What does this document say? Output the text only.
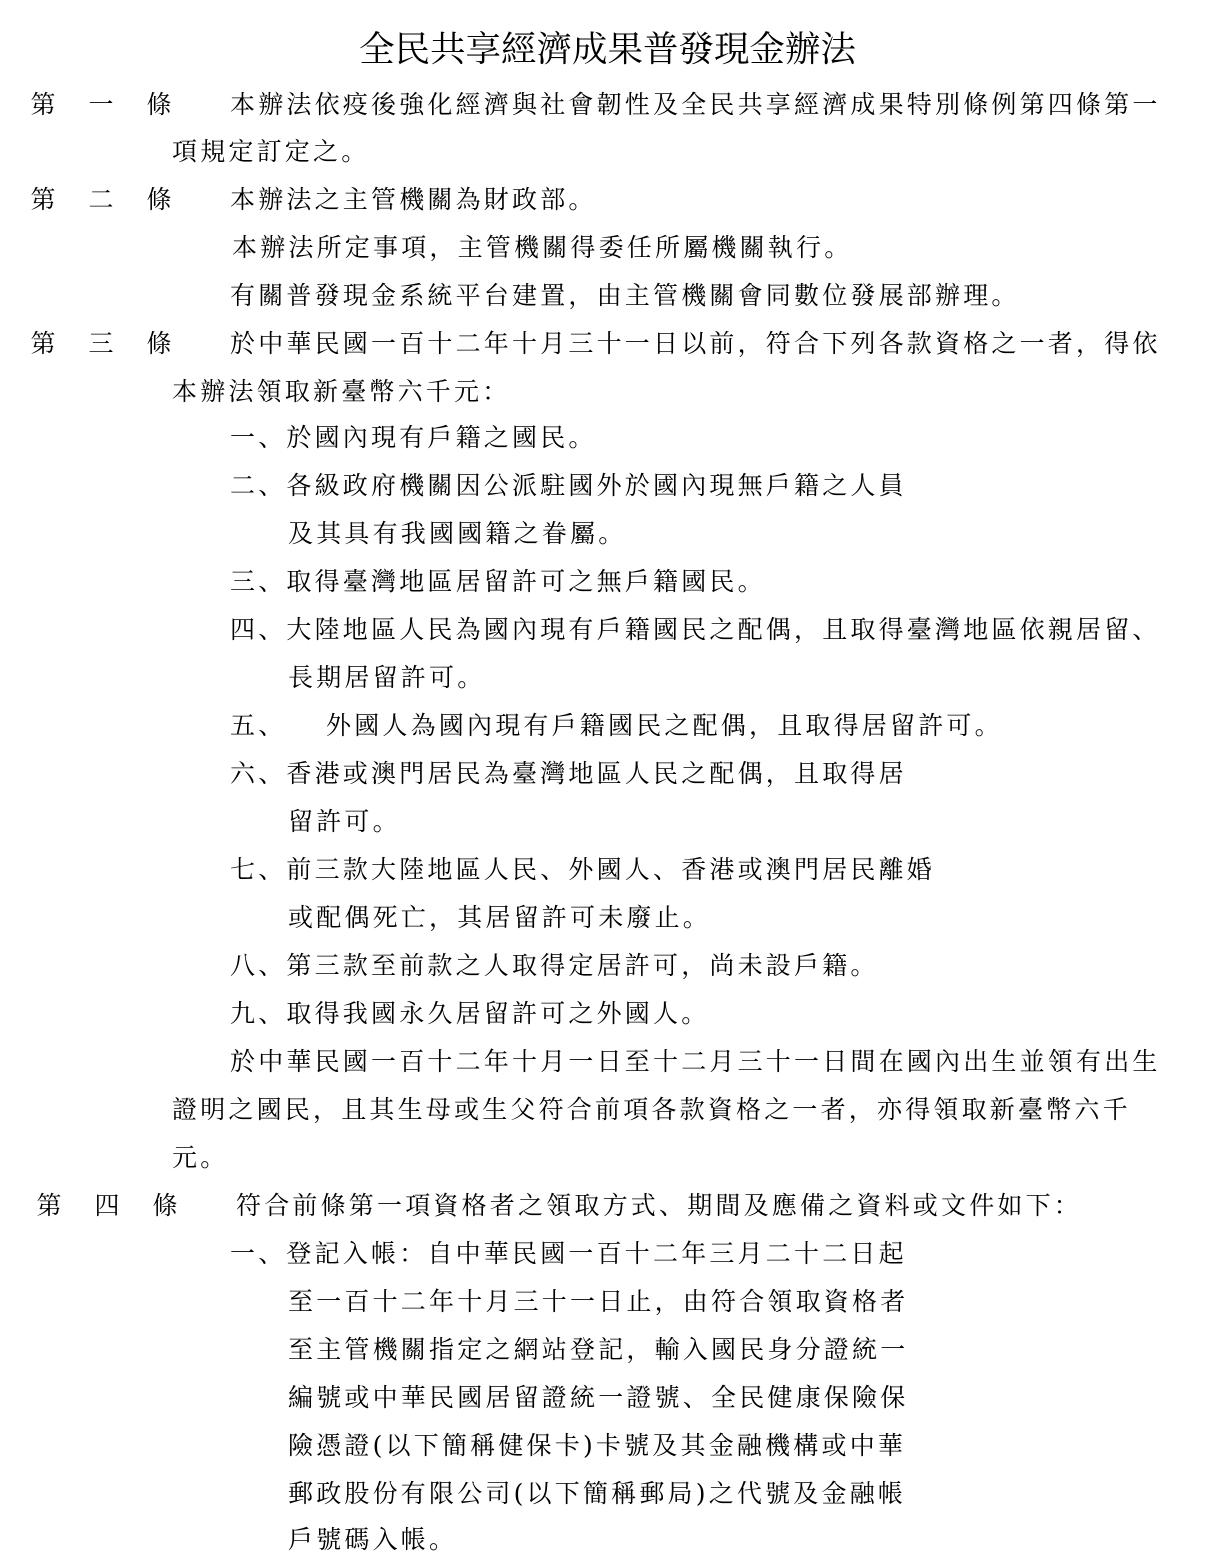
全民共享經濟成果普發現金辦法
第 一 條 本辦法依疫後強化經濟與社會韌性及全民共享經濟成果特別條例第四條第一
項規定訂定之。
第 二 條 本辦法之主管機關為財政部。
本辦法所定事項，主管機關得委任所屬機關執行。
有關普發現金系統平台建置，由主管機關會同數位發展部辦理。
第 三 條 於中華民國一百十二年十月三十一日以前，符合下列各款資格之一者，得依
本辦法領取新臺幣六千元：
一、於國內現有戶籍之國民。
二、各級政府機關因公派駐國外於國內現無戶籍之人員
及其具有我國國籍之眷屬。
三、取得臺灣地區居留許可之無戶籍國民。
四、大陸地區人民為國內現有戶籍國民之配偶，且取得臺灣地區依親居留、
長期居留許可。
五、 外國人為國內現有戶籍國民之配偶，且取得居留許可。
六、香港或澳門居民為臺灣地區人民之配偶，且取得居
留許可。
七、前三款大陸地區人民、外國人、香港或澳門居民離婚
或配偶死亡，其居留許可未廢止。
八、第三款至前款之人取得定居許可，尚未設戶籍。
九、取得我國永久居留許可之外國人。
於中華民國一百十二年十月一日至十二月三十一日間在國內出生並領有出生
證明之國民，且其生母或生父符合前項各款資格之一者，亦得領取新臺幣六千
元。
第 四 條 符合前條第一項資格者之領取方式、期間及應備之資料或文件如下：
一、登記入帳：自中華民國一百十二年三月二十二日起
至一百十二年十月三十一日止，由符合領取資格者
至主管機關指定之網站登記，輸入國民身分證統一
編號或中華民國居留證統一證號、全民健康保險保
險憑證(以下簡稱健保卡)卡號及其金融機構或中華
郵政股份有限公司(以下簡稱郵局)之代號及金融帳
戶號碼入帳。
